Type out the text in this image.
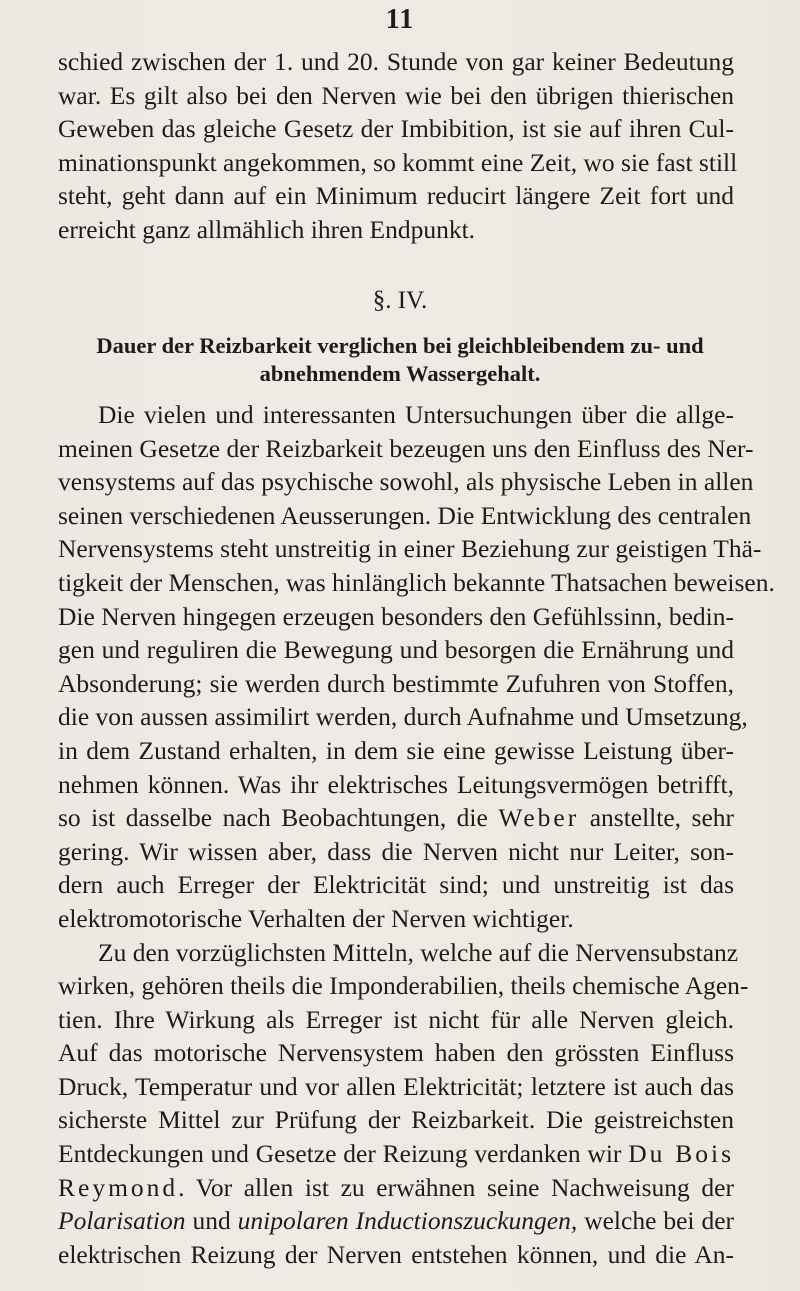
11
schied zwischen der 1. und 20. Stunde von gar keiner Bedeutung
war. Es gilt also bei den Nerven wie bei den übrigen thierischen
Geweben das gleiche Gesetz der Imbibition, ist sie auf ihren Cul-
minationspunkt angekommen, so kommt eine Zeit, wo sie fast still
steht, geht dann auf ein Minimum reducirt längere Zeit fort und
erreicht ganz allmählich ihren Endpunkt.
§. IV.
Dauer der Reizbarkeit verglichen bei gleichbleibendem zu- und
abnehmendem Wassergehalt.
Die vielen und interessanten Untersuchungen über die allge-
meinen Gesetze der Reizbarkeit bezeugen uns den Einfluss des Ner-
vensystems auf das psychische sowohl, als physische Leben in allen
seinen verschiedenen Aeusserungen. Die Entwicklung des centralen
Nervensystems steht unstreitig in einer Beziehung zur geistigen Thä-
tigkeit der Menschen, was hinlänglich bekannte Thatsachen beweisen.
Die Nerven hingegen erzeugen besonders den Gefühlssinn, bedin-
gen und reguliren die Bewegung und besorgen die Ernährung und
Absonderung; sie werden durch bestimmte Zufuhren von Stoffen,
die von aussen assimilirt werden, durch Aufnahme und Umsetzung,
in dem Zustand erhalten, in dem sie eine gewisse Leistung über-
nehmen können. Was ihr elektrisches Leitungsvermögen betrifft,
so ist dasselbe nach Beobachtungen, die Weber anstellte, sehr
gering. Wir wissen aber, dass die Nerven nicht nur Leiter, son-
dern auch Erreger der Elektricität sind; und unstreitig ist das
elektromotorische Verhalten der Nerven wichtiger.
Zu den vorzüglichsten Mitteln, welche auf die Nervensubstanz
wirken, gehören theils die Imponderabilien, theils chemische Agen-
tien. Ihre Wirkung als Erreger ist nicht für alle Nerven gleich.
Auf das motorische Nervensystem haben den grössten Einfluss
Druck, Temperatur und vor allen Elektricität; letztere ist auch das
sicherste Mittel zur Prüfung der Reizbarkeit. Die geistreichsten
Entdeckungen und Gesetze der Reizung verdanken wir Du Bois
Reymond. Vor allen ist zu erwähnen seine Nachweisung der
Polarisation und unipolaren Inductionszuckungen, welche bei der
elektrischen Reizung der Nerven entstehen können, und die An-
